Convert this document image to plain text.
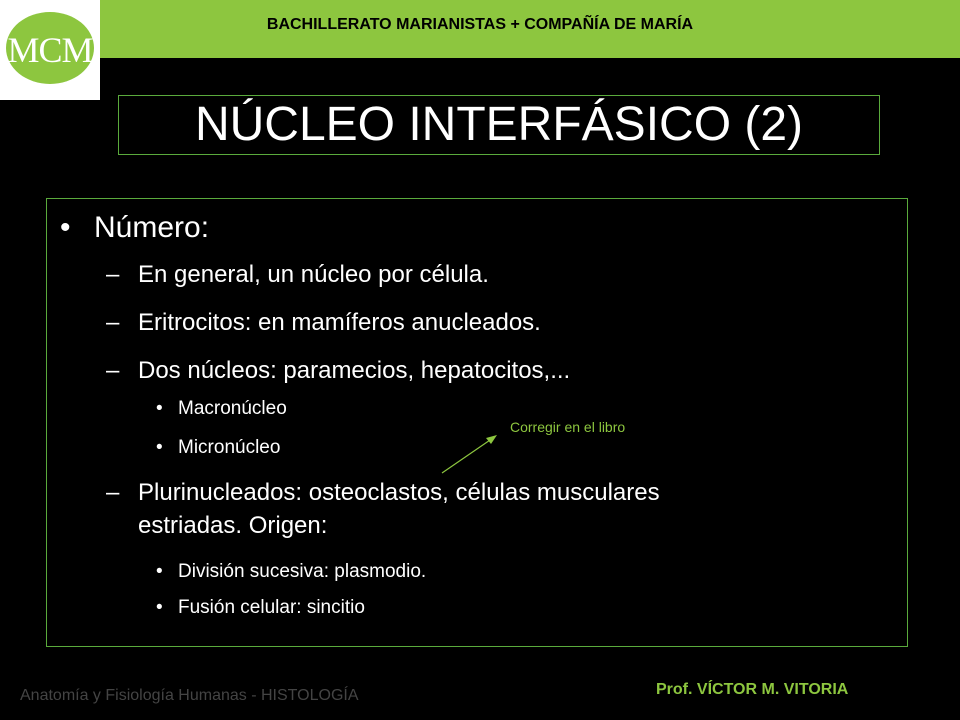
MCM
BACHILLERATO MARIANISTAS + COMPAÑÍA DE MARÍA
NÚCLEO INTERFÁSICO (2)
• Número:
– En general, un núcleo por célula.
– Eritrocitos: en mamíferos anucleados.
– Dos núcleos: paramecios, hepatocitos,...
• Macronúcleo
• Micronúcleo
– Plurinucleados: osteoclastos, células musculares
estriadas. Origen:
• División sucesiva: plasmodio.
• Fusión celular: sincitio
Corregir en el libro
Anatomía y Fisiología Humanas - HISTOLOGÍA	Prof. VÍCTOR M. VITORIA
